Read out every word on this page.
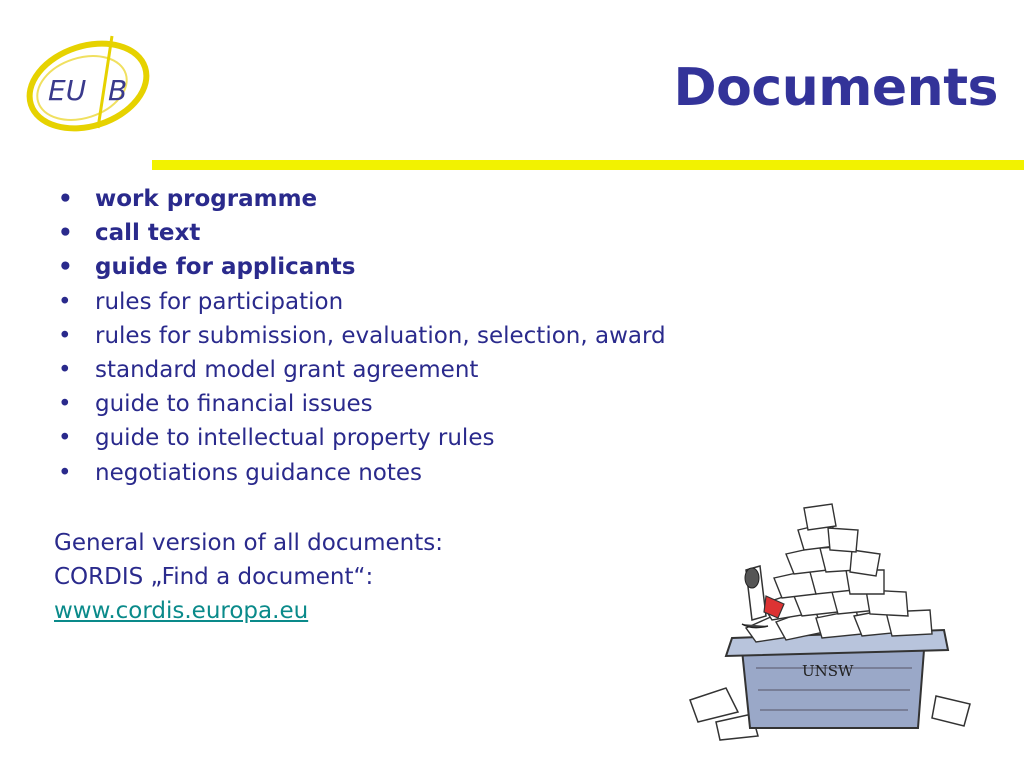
EU B	Documents
• work programme
• call text
• guide for applicants
• rules for participation
• rules for submission, evaluation, selection, award
• standard model grant agreement
• guide to financial issues
• guide to intellectual property rules
• negotiations guidance notes
General version of all documents:
CORDIS „Find a document“:
www.cordis.europa.eu
UNSW
